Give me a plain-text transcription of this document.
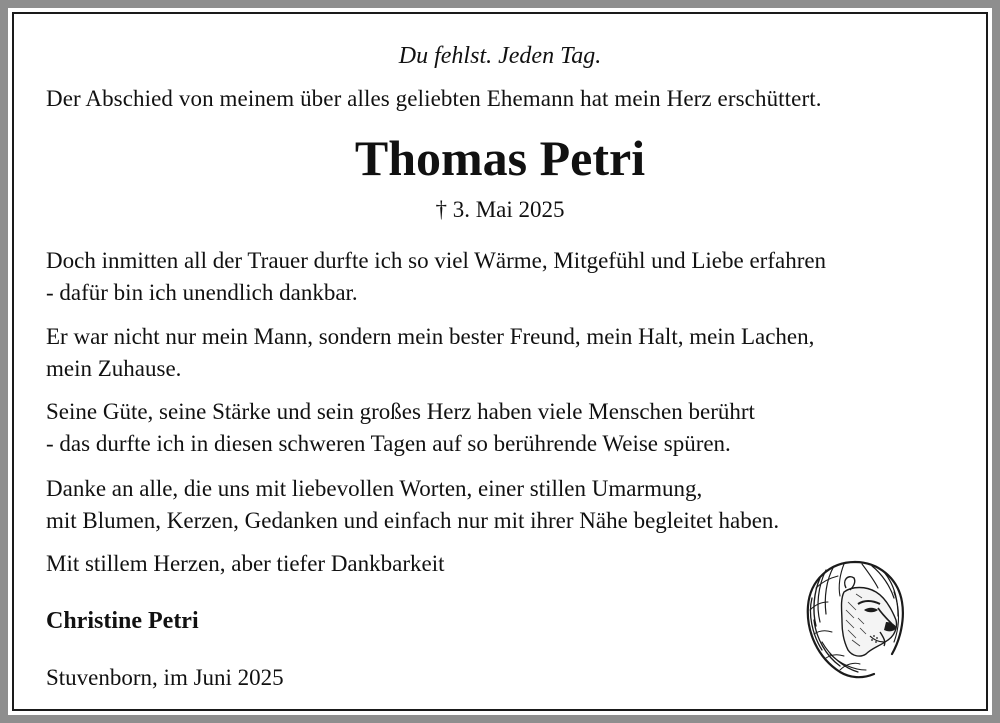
Du fehlst. Jeden Tag.
Der Abschied von meinem über alles geliebten Ehemann hat mein Herz erschüttert.
Thomas Petri
† 3. Mai 2025
Doch inmitten all der Trauer durfte ich so viel Wärme, Mitgefühl und Liebe erfahren
- dafür bin ich unendlich dankbar.
Er war nicht nur mein Mann, sondern mein bester Freund, mein Halt, mein Lachen,
mein Zuhause.
Seine Güte, seine Stärke und sein großes Herz haben viele Menschen berührt
- das durfte ich in diesen schweren Tagen auf so berührende Weise spüren.
Danke an alle, die uns mit liebevollen Worten, einer stillen Umarmung,
mit Blumen, Kerzen, Gedanken und einfach nur mit ihrer Nähe begleitet haben.
Mit stillem Herzen, aber tiefer Dankbarkeit
Christine Petri
Stuvenborn, im Juni 2025
